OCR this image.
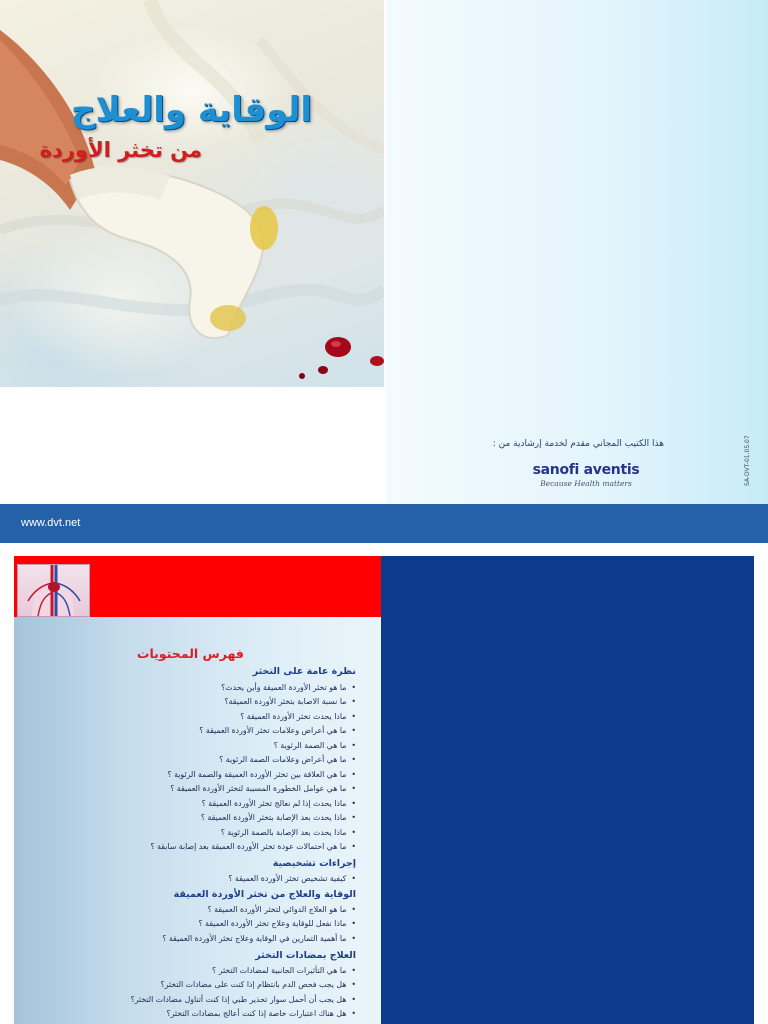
الوقاية والعلاج
من تخثر الأوردة

هذا الكتيب المجاني مقدم لخدمة إرشادية من :

sanofi aventis
Because Health matters	SA-DVT-01.05.07
www.dvt.net
فهرس المحتويات
نظرة عامة على التخثر

•ما هو تخثر الأوردة العميقة وأين يحدث؟

•ما نسبة الاصابة بتخثر الأوردة العميقة؟

•ماذا يحدث تخثر الأوردة العميقة ؟

•ما هي أعراض وعلامات تخثر الأوردة العميقة ؟

•ما هي الصمة الرئوية ؟

•ما هي أعراض وعلامات الصمة الرئوية ؟

•ما هي العلاقة بين تخثر الأوردة العميقة والصمة الرئوية ؟

•ما هي عوامل الخطورة المسببة لتخثر الأوردة العميقة ؟

•ماذا يحدث إذا لم نعالج تخثر الأوردة العميقة ؟

•ماذا يحدث بعد الإصابة بتخثر الأوردة العميقة ؟

•ماذا يحدث بعد الإصابة بالصمة الرئوية ؟

•ما هي احتمالات عودة تخثر الأوردة العميقة بعد إصابة سابقة ؟

إجراءات تشخيصية

•كيفية تشخيص تخثر الأوردة العميقة ؟

الوقاية والعلاج من تخثر الأوردة العميقة

•ما هو العلاج الدوائي لتخثر الأوردة العميقة ؟

•ماذا نفعل للوقاية وعلاج تخثر الأوردة العميقة ؟

•ما أهمية التمارين في الوقاية وعلاج تخثر الأوردة العميقة ؟

العلاج بمضادات التخثر

•ما هي التأثيرات الجانبية لمضادات التخثر ؟

•هل يجب فحص الدم بانتظام إذا كنت على مضادات التخثر؟

•هل يجب أن أحمل سوار تحذير طبي إذا كنت أتناول مضادات التخثر؟

•هل هناك اعتبارات خاصة إذا كنت أعالج بمضادات التخثر؟
